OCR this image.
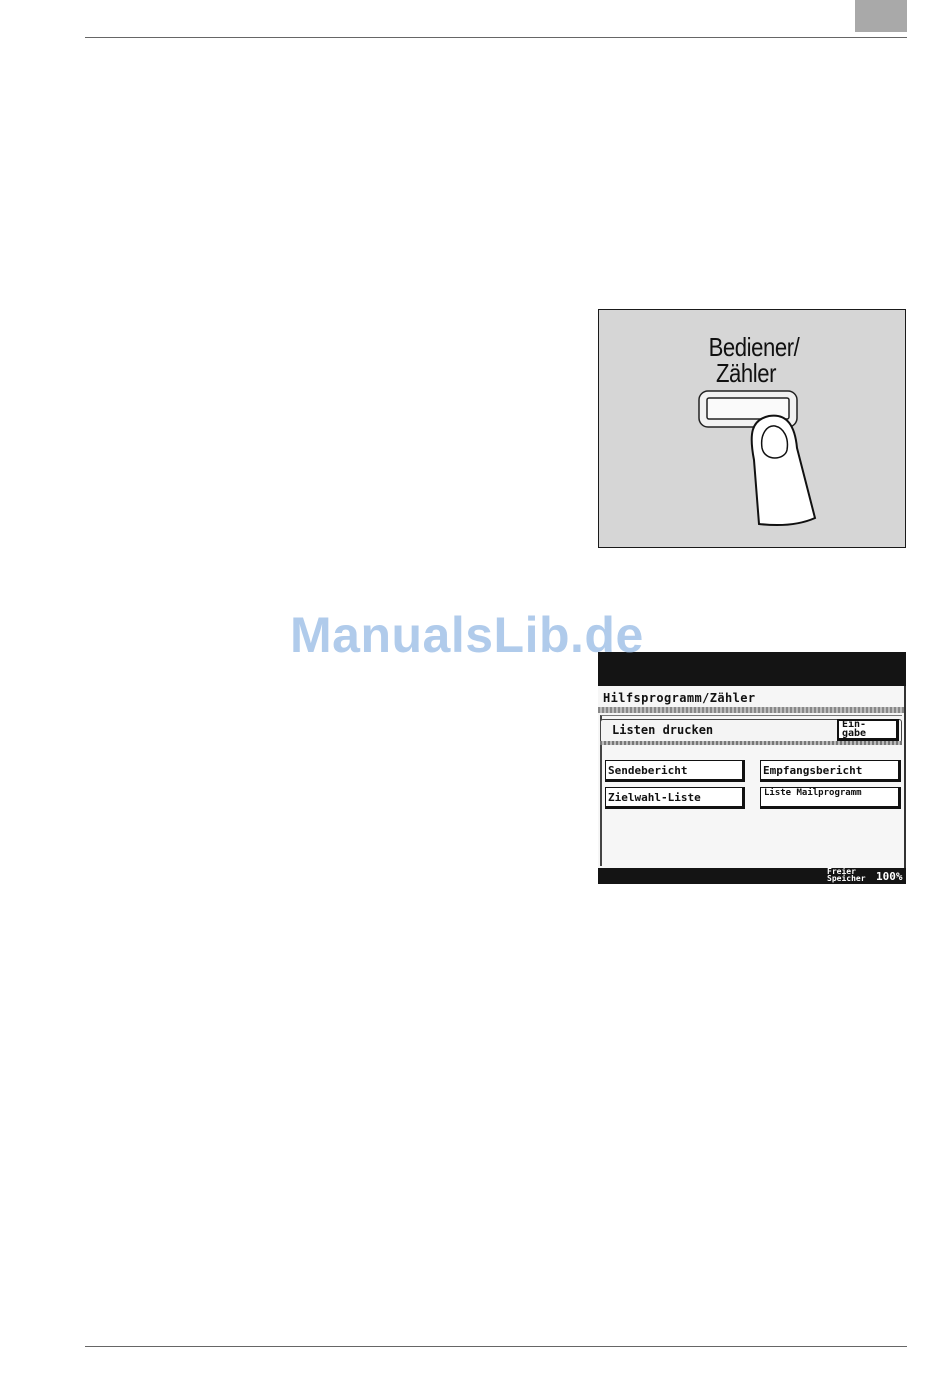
Bediener/
Zähler
Hilfsprogramm/Zähler
Listen drucken	Ein-
gabe
Sendebericht	Empfangsbericht
Zielwahl-Liste	Liste Mailprogramm
Freier Speicher 100%
ManualsLib.de
